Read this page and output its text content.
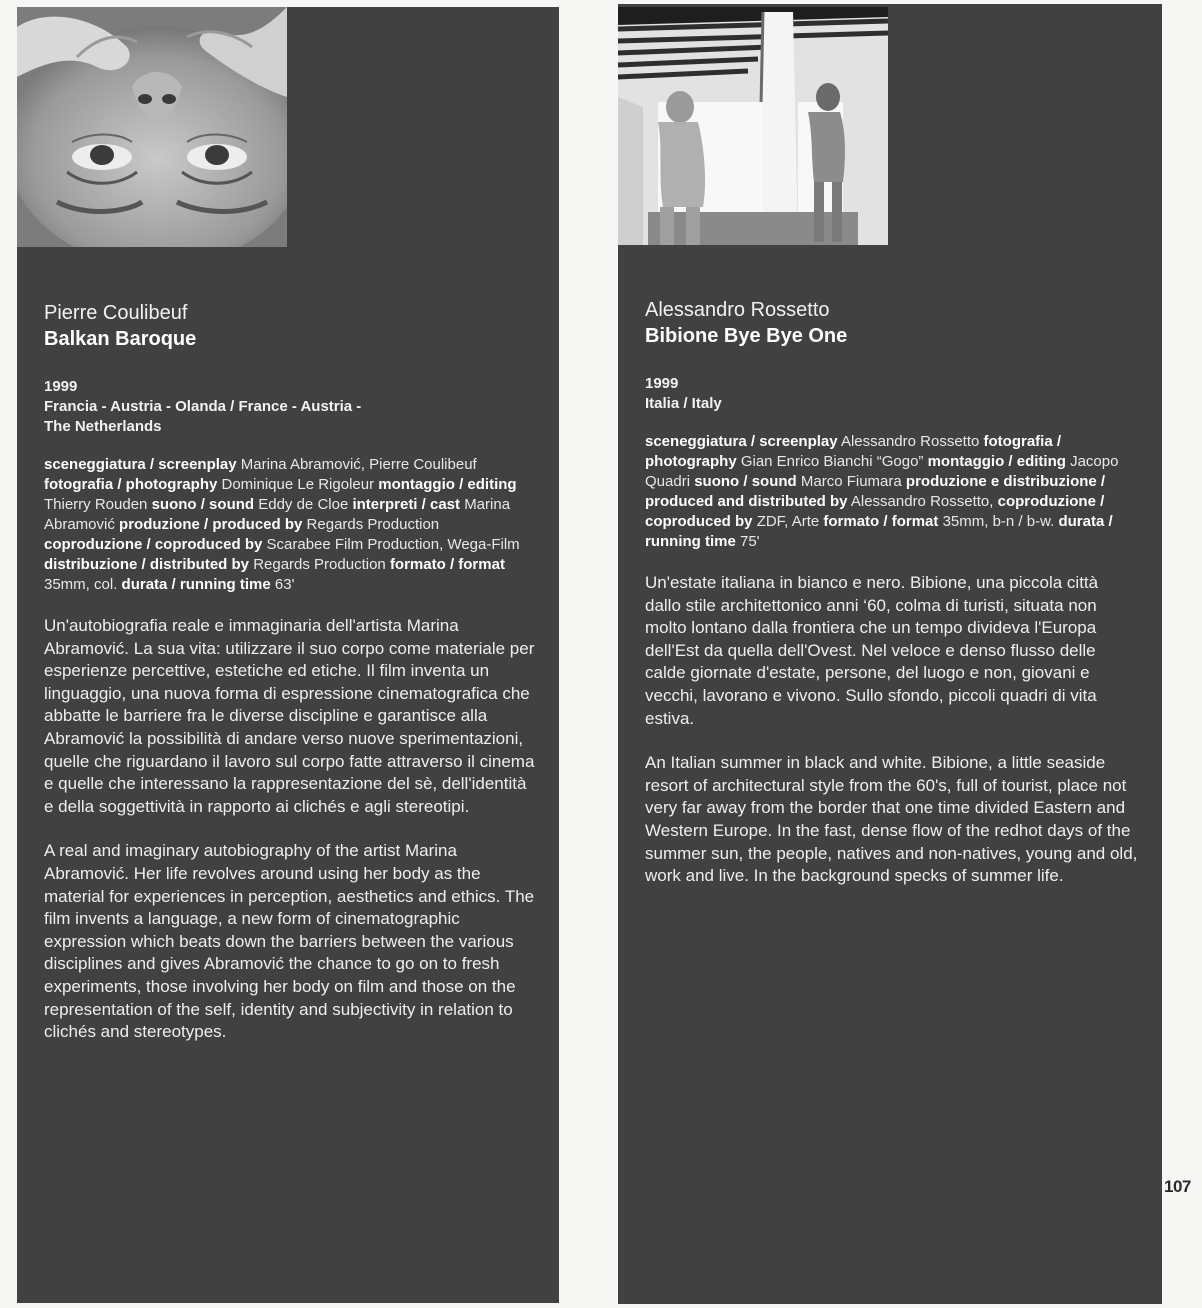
Pierre Coulibeuf

Balkan Baroque

1999

Francia - Austria - Olanda / France - Austria -
The Netherlands

sceneggiatura / screenplay Marina Abramović, Pierre Coulibeuf fotografia / photography Dominique Le Rigoleur montaggio / editing Thierry Rouden suono / sound Eddy de Cloe interpreti / cast Marina Abramović produzione / produced by Regards Production coproduzione / coproduced by Scarabee Film Production, Wega-Film distribuzione / distributed by Regards Production formato / format 35mm, col. durata / running time 63'

Un'autobiografia reale e immaginaria dell'artista Marina Abramović. La sua vita: utilizzare il suo corpo come materiale per esperienze percettive, estetiche ed etiche. Il film inventa un linguaggio, una nuova forma di espressione cinematografica che abbatte le barriere fra le diverse discipline e garantisce alla Abramović la possibilità di andare verso nuove sperimentazioni, quelle che riguardano il lavoro sul corpo fatte attraverso il cinema e quelle che interessano la rappresentazione del sè, dell'identità e della soggettività in rapporto ai clichés e agli stereotipi.

A real and imaginary autobiography of the artist Marina Abramović. Her life revolves around using her body as the material for experiences in perception, aesthetics and ethics. The film invents a language, a new form of cinematographic expression which beats down the barriers between the various disciplines and gives Abramović the chance to go on to fresh experiments, those involving her body on film and those on the representation of the self, identity and subjectivity in relation to clichés and stereotypes.

Alessandro Rossetto

Bibione Bye Bye One

1999

Italia / Italy

sceneggiatura / screenplay Alessandro Rossetto fotografia / photography Gian Enrico Bianchi “Gogo” montaggio / editing Jacopo Quadri suono / sound Marco Fiumara produzione e distribuzione / produced and distributed by Alessandro Rossetto, coproduzione / coproduced by ZDF, Arte formato / format 35mm, b-n / b-w. durata / running time 75'

Un'estate italiana in bianco e nero. Bibione, una piccola città dallo stile architettonico anni ‘60, colma di turisti, situata non molto lontano dalla frontiera che un tempo divideva l'Europa dell'Est da quella dell'Ovest. Nel veloce e denso flusso delle calde giornate d'estate, persone, del luogo e non, giovani e vecchi, lavorano e vivono. Sullo sfondo, piccoli quadri di vita estiva.

An Italian summer in black and white. Bibione, a little seaside resort of architectural style from the 60's, full of tourist, place not very far away from the border that one time divided Eastern and Western Europe. In the fast, dense flow of the redhot days of the summer sun, the people, natives and non-natives, young and old, work and live. In the background specks of summer life.

107
